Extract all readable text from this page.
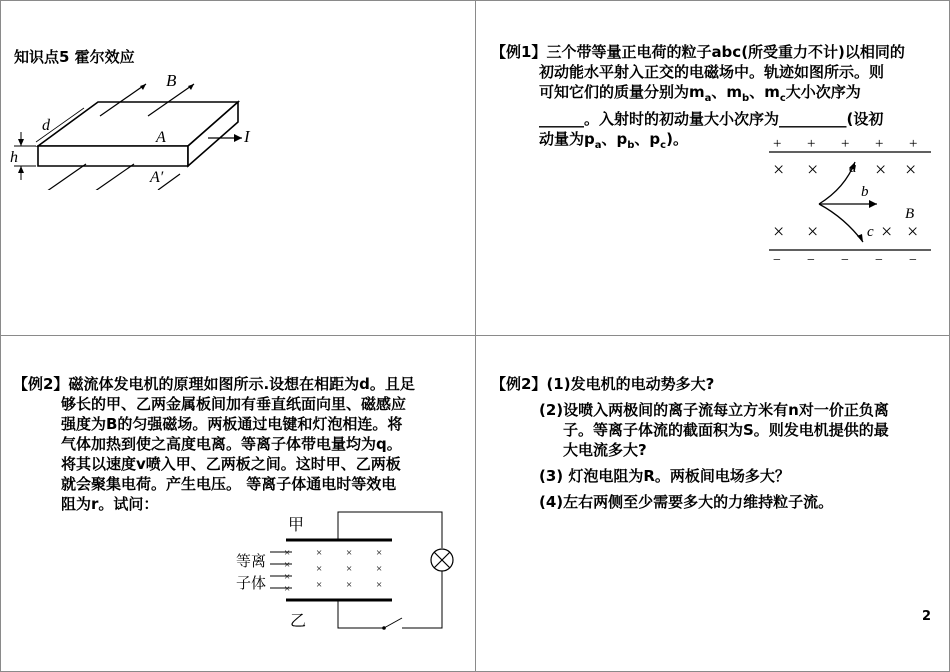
知识点5 霍尔效应
B
d
A	I
h
A′
【例1】三个带等量正电荷的粒子abc(所受重力不计)以相同的
初动能水平射入正交的电磁场中。轨迹如图所示。则
可知它们的质量分别为$m_a$、$m_b$、$m_c$大小次序为
______。入射时的初动量大小次序为_________(设初
动量为$p_a$、$p_b$、$p_c$)。	+ + + + +
× ×	× ×
× ×	× ×
a
b
c
B
− − − − −
【例2】磁流体发电机的原理如图所示.设想在相距为d。且足
够长的甲、乙两金属板间加有垂直纸面向里、磁感应
强度为B的匀强磁场。两板通过电键和灯泡相连。将
气体加热到使之高度电离。等离子体带电量均为q。
将其以速度v喷入甲、乙两板之间。这时甲、乙两板
就会聚集电荷。产生电压。 等离子体通电时等效电
阻为r。试问：
甲
乙
等离
子体
×
×
×
×
×
×
×
×
×
×
×
×
×
【例2】(1)发电机的电动势多大?
(2)设喷入两极间的离子流每立方米有n对一价正负离
子。等离子体流的截面积为S。则发电机提供的最
大电流多大?
(3) 灯泡电阻为R。两板间电场多大？
(4)左右两侧至少需要多大的力维持粒子流。
2
